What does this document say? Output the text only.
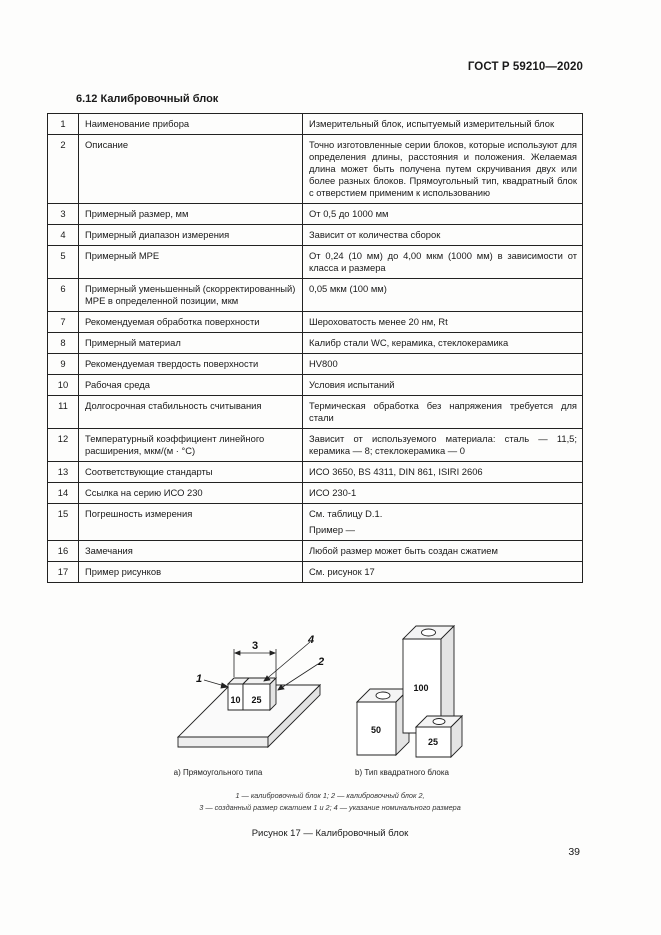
ГОСТ Р 59210—2020
6.12 Калибровочный блок
1	Наименование прибора	Измерительный блок, испытуемый измерительный блок

2	Описание	Точно изготовленные серии блоков, которые используют для определения длины, расстояния и положения. Желаемая длина может быть получена путем скручивания двух или более разных блоков. Прямоугольный тип, квадратный блок с отверстием применим к использованию

3	Примерный размер, мм	От 0,5 до 1000 мм

4	Примерный диапазон измерения	Зависит от количества сборок

5	Примерный MPE	От 0,24 (10 мм) до 4,00 мкм (1000 мм) в зависимости от класса и размера

6	Примерный уменьшенный (скорректированный) MPE в определенной позиции, мкм	0,05 мкм (100 мм)

7	Рекомендуемая обработка поверхности	Шероховатость менее 20 нм, Rt

8	Примерный материал	Калибр стали WC, керамика, стеклокерамика

9	Рекомендуемая твердость поверхности	HV800

10	Рабочая среда	Условия испытаний

11	Долгосрочная стабильность считывания	Термическая обработка без напряжения требуется для стали

12	Температурный коэффициент линейного расширения, мкм/(м · °С)	Зависит от используемого материала: сталь — 11,5; керамика — 8; стеклокерамика — 0

13	Соответствующие стандарты	ИСО 3650, BS 4311, DIN 861, ISIRI 2606

14	Ссылка на серию ИСО 230	ИСО 230-1

15	Погрешность измерения	См. таблицу D.1.
Пример —

16	Замечания	Любой размер может быть создан сжатием

17	Пример рисунков	См. рисунок 17
3
1
2
4
10 25
50
100
25
а) Прямоугольного типа	b) Тип квадратного блока
1 — калибровочный блок 1; 2 — калибровочный блок 2,
3 — созданный размер сжатием 1 и 2; 4 — указание номинального размера
Рисунок 17 — Калибровочный блок
39
